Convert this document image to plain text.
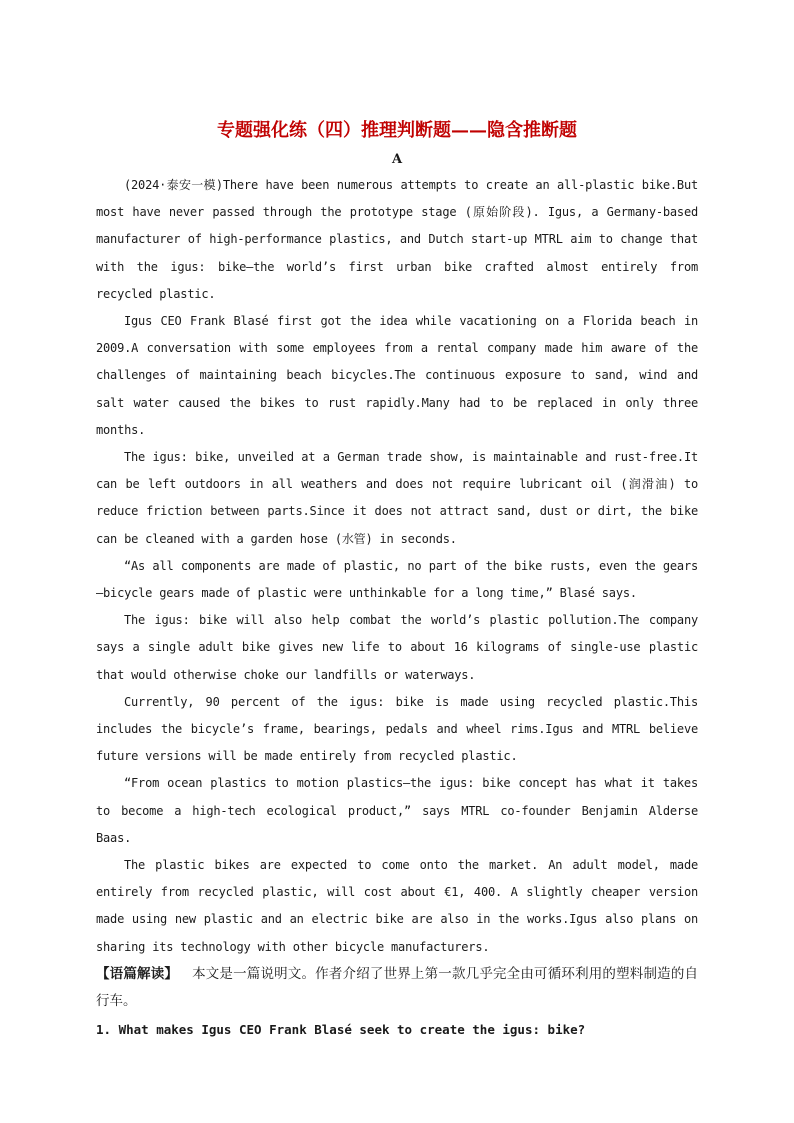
专题强化练（四）推理判断题——隐含推断题
A

(2024·泰安一模)There have been numerous attempts to create an all-plastic bike.But most have never passed through the prototype stage (原始阶段). Igus, a Germany-based manufacturer of high-performance plastics, and Dutch start-up MTRL aim to change that with the igus: bike—the world’s first urban bike crafted almost entirely from recycled plastic.

Igus CEO Frank Blasé first got the idea while vacationing on a Florida beach in 2009.A conversation with some employees from a rental company made him aware of the challenges of maintaining beach bicycles.The continuous exposure to sand, wind and salt water caused the bikes to rust rapidly.Many had to be replaced in only three months.

The igus: bike, unveiled at a German trade show, is maintainable and rust-free.It can be left outdoors in all weathers and does not require lubricant oil (润滑油) to reduce friction between parts.Since it does not attract sand, dust or dirt, the bike can be cleaned with a garden hose (水管) in seconds.

“As all components are made of plastic, no part of the bike rusts, even the gears—bicycle gears made of plastic were unthinkable for a long time,” Blasé says.

The igus: bike will also help combat the world’s plastic pollution.The company says a single adult bike gives new life to about 16 kilograms of single-use plastic that would otherwise choke our landfills or waterways.

Currently, 90 percent of the igus: bike is made using recycled plastic.This includes the bicycle’s frame, bearings, pedals and wheel rims.Igus and MTRL believe future versions will be made entirely from recycled plastic.

“From ocean plastics to motion plastics—the igus: bike concept has what it takes to become a high-tech ecological product,” says MTRL co-founder Benjamin Alderse Baas.

The plastic bikes are expected to come onto the market. An adult model, made entirely from recycled plastic, will cost about €1, 400. A slightly cheaper version made using new plastic and an electric bike are also in the works.Igus also plans on sharing its technology with other bicycle manufacturers.

【语篇解读】 本文是一篇说明文。作者介绍了世界上第一款几乎完全由可循环利用的塑料制造的自行车。

1. What makes Igus CEO Frank Blasé seek to create the igus: bike?
